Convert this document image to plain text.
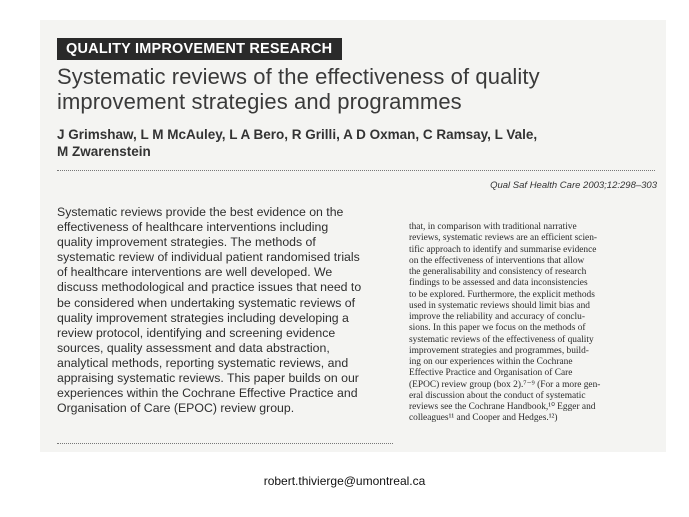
QUALITY IMPROVEMENT RESEARCH
Systematic reviews of the effectiveness of quality
improvement strategies and programmes
J Grimshaw, L M McAuley, L A Bero, R Grilli, A D Oxman, C Ramsay, L Vale,
M Zwarenstein
Qual Saf Health Care 2003;12:298–303
Systematic reviews provide the best evidence on the
effectiveness of healthcare interventions including
quality improvement strategies. The methods of
systematic review of individual patient randomised trials
of healthcare interventions are well developed. We
discuss methodological and practice issues that need to
be considered when undertaking systematic reviews of
quality improvement strategies including developing a
review protocol, identifying and screening evidence
sources, quality assessment and data abstraction,
analytical methods, reporting systematic reviews, and
appraising systematic reviews. This paper builds on our
experiences within the Cochrane Effective Practice and
Organisation of Care (EPOC) review group.
that, in comparison with traditional narrative
reviews, systematic reviews are an efficient scien-
tific approach to identify and summarise evidence
on the effectiveness of interventions that allow
the generalisability and consistency of research
findings to be assessed and data inconsistencies
to be explored. Furthermore, the explicit methods
used in systematic reviews should limit bias and
improve the reliability and accuracy of conclu-
sions. In this paper we focus on the methods of
systematic reviews of the effectiveness of quality
improvement strategies and programmes, build-
ing on our experiences within the Cochrane
Effective Practice and Organisation of Care
(EPOC) review group (box 2).⁷⁻⁹ (For a more gen-
eral discussion about the conduct of systematic
reviews see the Cochrane Handbook,¹⁰ Egger and
colleagues¹¹ and Cooper and Hedges.¹²)
robert.thivierge@umontreal.ca
